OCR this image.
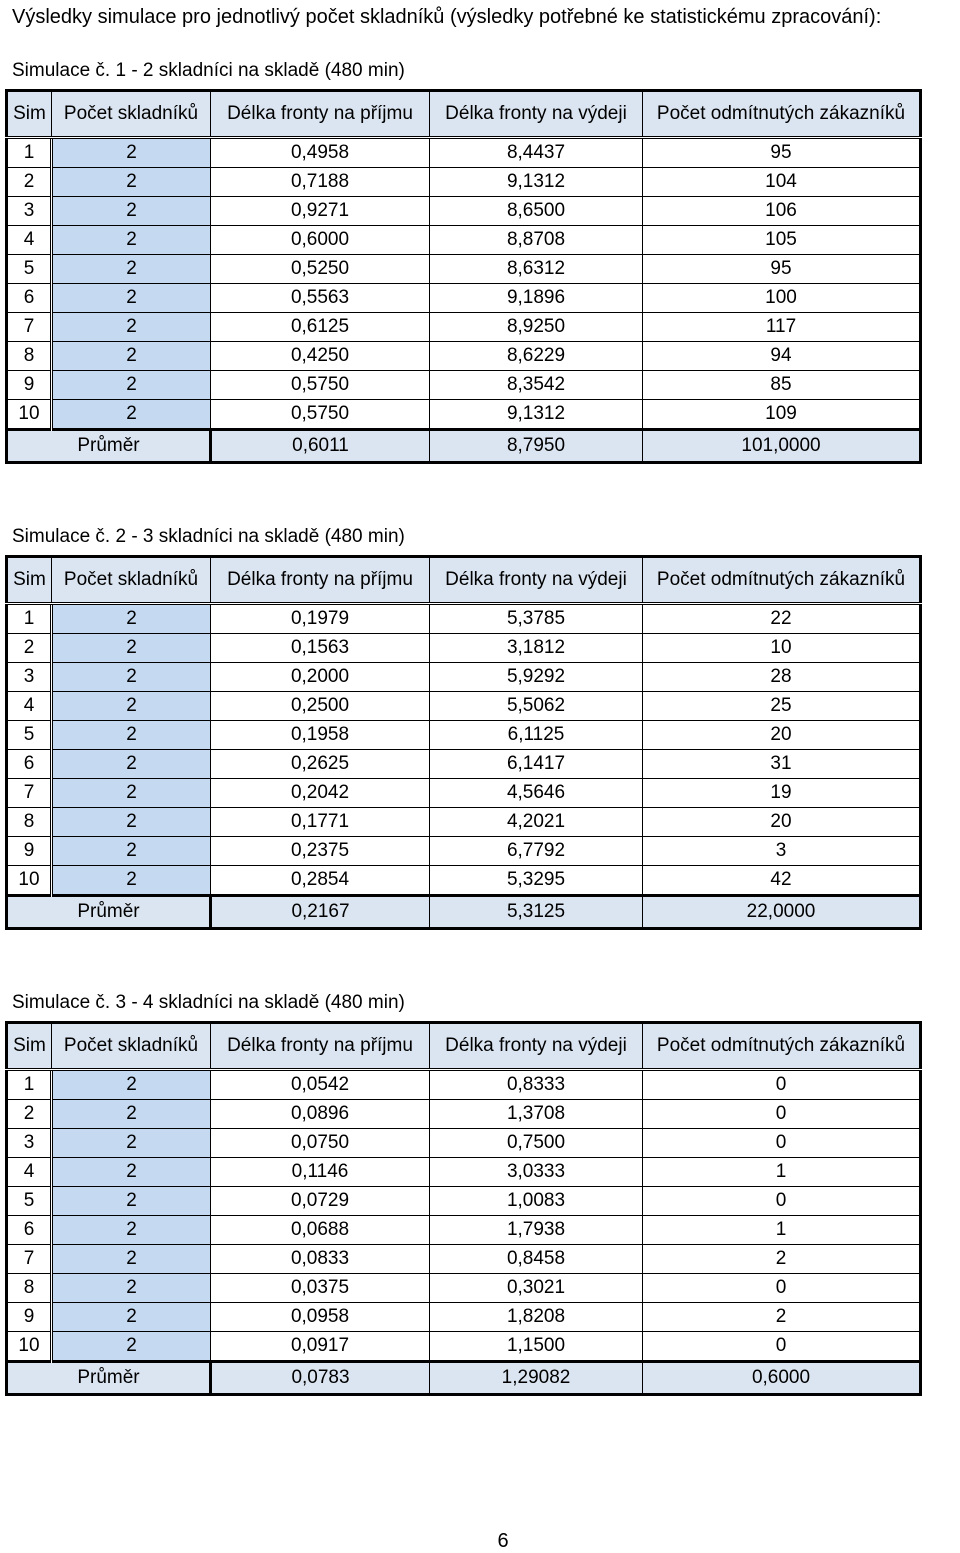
Výsledky simulace pro jednotlivý počet skladníků (výsledky potřebné ke statistickému zpracování):
Simulace č. 1 - 2 skladníci na skladě (480 min)
Sim	Počet skladníků	Délka fronty na příjmu	Délka fronty na výdeji	Počet odmítnutých zákazníků
1	2	0,4958	8,4437	95
2	2	0,7188	9,1312	104
3	2	0,9271	8,6500	106
4	2	0,6000	8,8708	105
5	2	0,5250	8,6312	95
6	2	0,5563	9,1896	100
7	2	0,6125	8,9250	117
8	2	0,4250	8,6229	94
9	2	0,5750	8,3542	85
10	2	0,5750	9,1312	109
Průměr		0,6011	8,7950	101,0000
Simulace č. 2 - 3 skladníci na skladě (480 min)
Sim	Počet skladníků	Délka fronty na příjmu	Délka fronty na výdeji	Počet odmítnutých zákazníků
1	2	0,1979	5,3785	22
2	2	0,1563	3,1812	10
3	2	0,2000	5,9292	28
4	2	0,2500	5,5062	25
5	2	0,1958	6,1125	20
6	2	0,2625	6,1417	31
7	2	0,2042	4,5646	19
8	2	0,1771	4,2021	20
9	2	0,2375	6,7792	3
10	2	0,2854	5,3295	42
Průměr		0,2167	5,3125	22,0000
Simulace č. 3 - 4 skladníci na skladě (480 min)
Sim	Počet skladníků	Délka fronty na příjmu	Délka fronty na výdeji	Počet odmítnutých zákazníků
1	2	0,0542	0,8333	0
2	2	0,0896	1,3708	0
3	2	0,0750	0,7500	0
4	2	0,1146	3,0333	1
5	2	0,0729	1,0083	0
6	2	0,0688	1,7938	1
7	2	0,0833	0,8458	2
8	2	0,0375	0,3021	0
9	2	0,0958	1,8208	2
10	2	0,0917	1,1500	0
Průměr		0,0783	1,29082	0,6000
6
